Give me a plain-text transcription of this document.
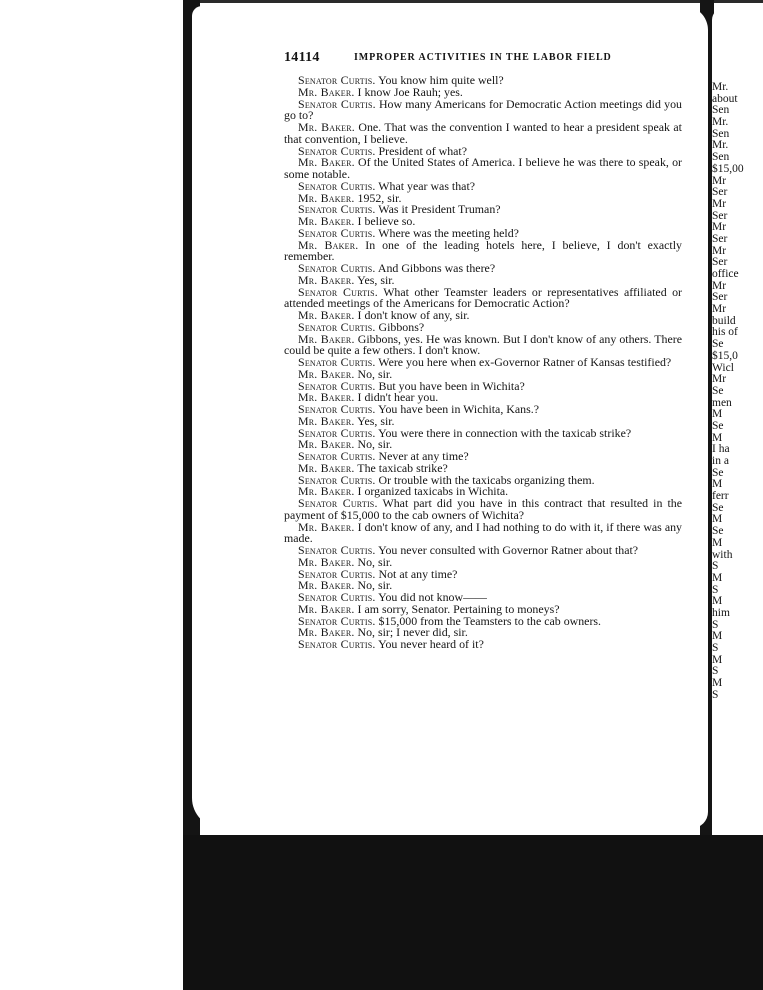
Mr.
about
Sen
Mr.
Sen
Mr.
Sen
$15,00
Mr
Ser
Mr
Ser
Mr
Ser
Mr
Ser
office
Mr
Ser
Mr
build
his of
Se
$15,0
Wicl
Mr
Se
men
M
Se
M
I ha
in a
Se
M
ferr
Se
M
Se
M
with
S
M
S
M
him
S
M
S
M
S
M
S
14114	IMPROPER ACTIVITIES IN THE LABOR FIELD

Senator Curtis. You know him quite well?

Mr. Baker. I know Joe Rauh; yes.

Senator Curtis. How many Americans for Democratic Action meetings did you go to?

Mr. Baker. One. That was the convention I wanted to hear a president speak at that convention, I believe.

Senator Curtis. President of what?

Mr. Baker. Of the United States of America. I believe he was there to speak, or some notable.

Senator Curtis. What year was that?

Mr. Baker. 1952, sir.

Senator Curtis. Was it President Truman?

Mr. Baker. I believe so.

Senator Curtis. Where was the meeting held?

Mr. Baker. In one of the leading hotels here, I believe, I don't exactly remember.

Senator Curtis. And Gibbons was there?

Mr. Baker. Yes, sir.

Senator Curtis. What other Teamster leaders or representatives affiliated or attended meetings of the Americans for Democratic Action?

Mr. Baker. I don't know of any, sir.

Senator Curtis. Gibbons?

Mr. Baker. Gibbons, yes. He was known. But I don't know of any others. There could be quite a few others. I don't know.

Senator Curtis. Were you here when ex-Governor Ratner of Kansas testified?

Mr. Baker. No, sir.

Senator Curtis. But you have been in Wichita?

Mr. Baker. I didn't hear you.

Senator Curtis. You have been in Wichita, Kans.?

Mr. Baker. Yes, sir.

Senator Curtis. You were there in connection with the taxicab strike?

Mr. Baker. No, sir.

Senator Curtis. Never at any time?

Mr. Baker. The taxicab strike?

Senator Curtis. Or trouble with the taxicabs organizing them.

Mr. Baker. I organized taxicabs in Wichita.

Senator Curtis. What part did you have in this contract that resulted in the payment of $15,000 to the cab owners of Wichita?

Mr. Baker. I don't know of any, and I had nothing to do with it, if there was any made.

Senator Curtis. You never consulted with Governor Ratner about that?

Mr. Baker. No, sir.

Senator Curtis. Not at any time?

Mr. Baker. No, sir.

Senator Curtis. You did not know——

Mr. Baker. I am sorry, Senator. Pertaining to moneys?

Senator Curtis. $15,000 from the Teamsters to the cab owners.

Mr. Baker. No, sir; I never did, sir.

Senator Curtis. You never heard of it?
